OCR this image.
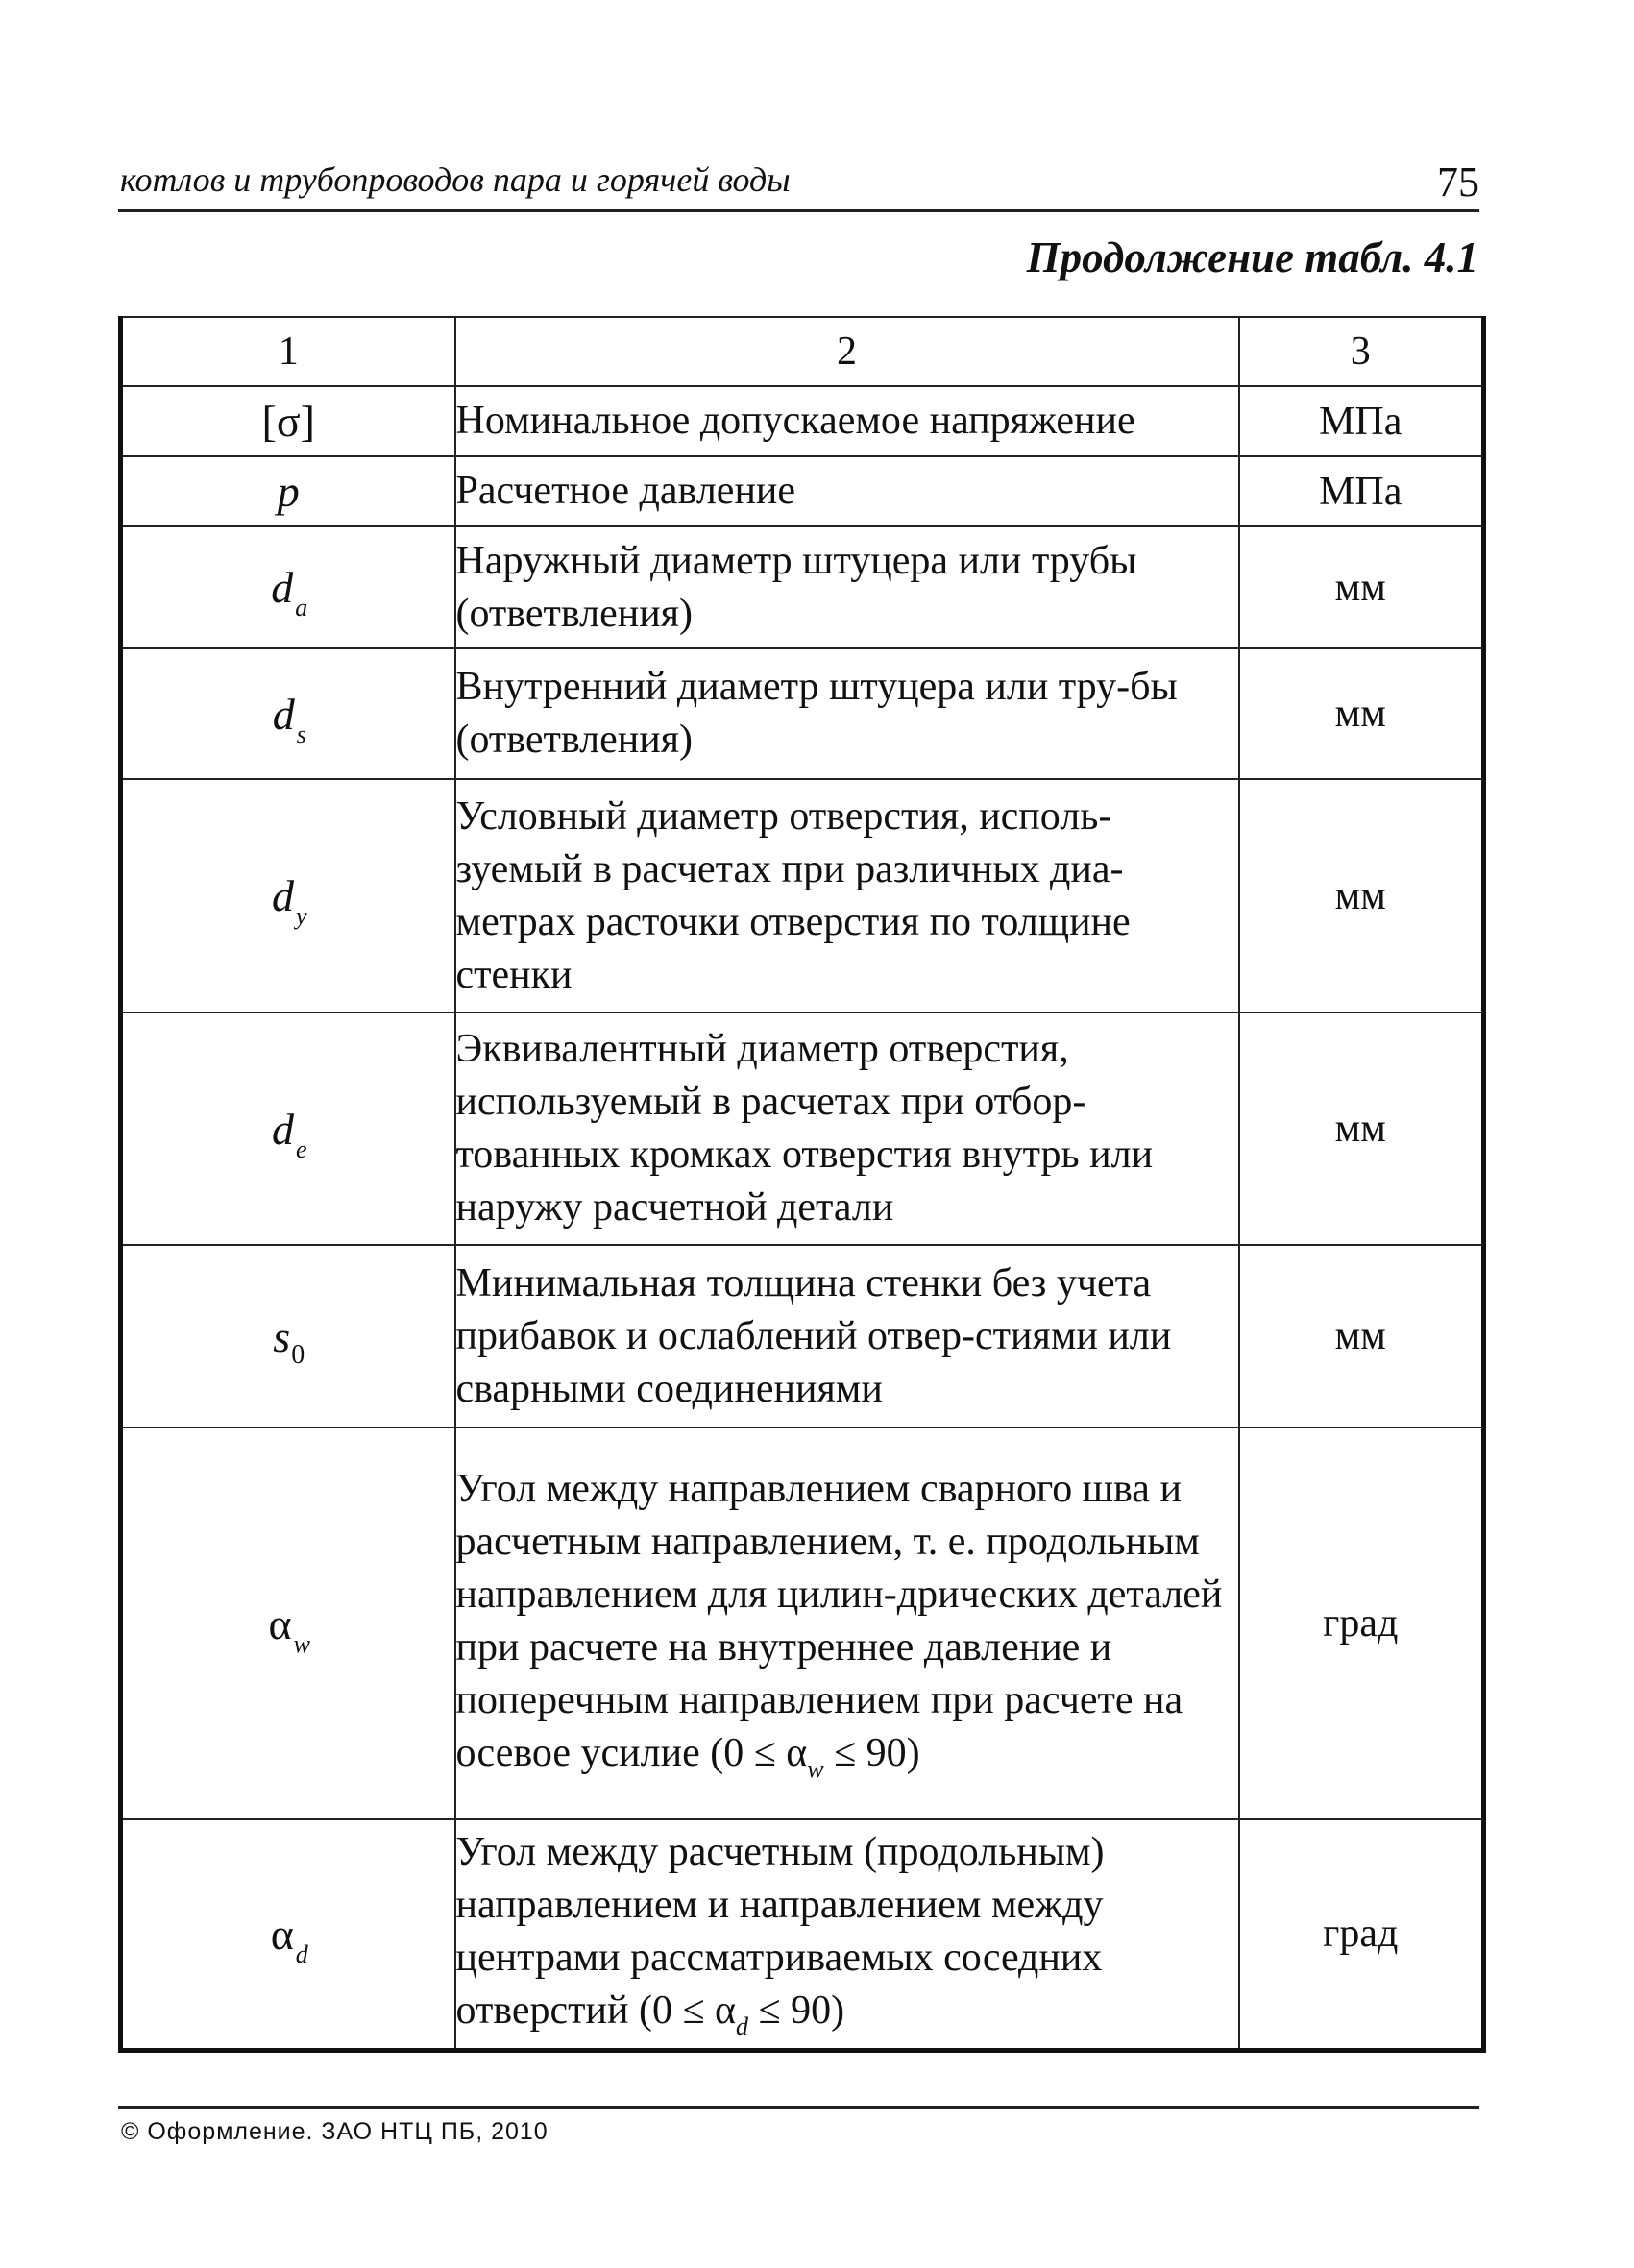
котлов и трубопроводов пара и горячей воды	75
Продолжение табл. 4.1
1	2	3
[σ]	Номинальное допускаемое напряжение	МПа
p	Расчетное давление	МПа
$d_a$	Наружный диаметр штуцера или трубы (ответвления)	мм
$d_s$	Внутренний диаметр штуцера или тру-бы (ответвления)	мм
$d_y$	Условный диаметр отверстия, исполь-зуемый в расчетах при различных диа-метрах расточки отверстия по толщине стенки	мм
$d_e$	Эквивалентный диаметр отверстия, используемый в расчетах при отбор-тованных кромках отверстия внутрь или наружу расчетной детали	мм
$s_0$	Минимальная толщина стенки без учета прибавок и ослаблений отвер-стиями или сварными соединениями	мм
$\alpha_w$	Угол между направлением сварного шва и расчетным направлением, т. е. продольным направлением для цилин-дрических деталей при расчете на внутреннее давление и поперечным направлением при расчете на осевое усилие $(0 \le \alpha_w \le 90)$	град
$\alpha_d$	Угол между расчетным (продольным) направлением и направлением между центрами рассматриваемых соседних отверстий $(0 \le \alpha_d \le 90)$	град
© Оформление. ЗАО НТЦ ПБ, 2010
